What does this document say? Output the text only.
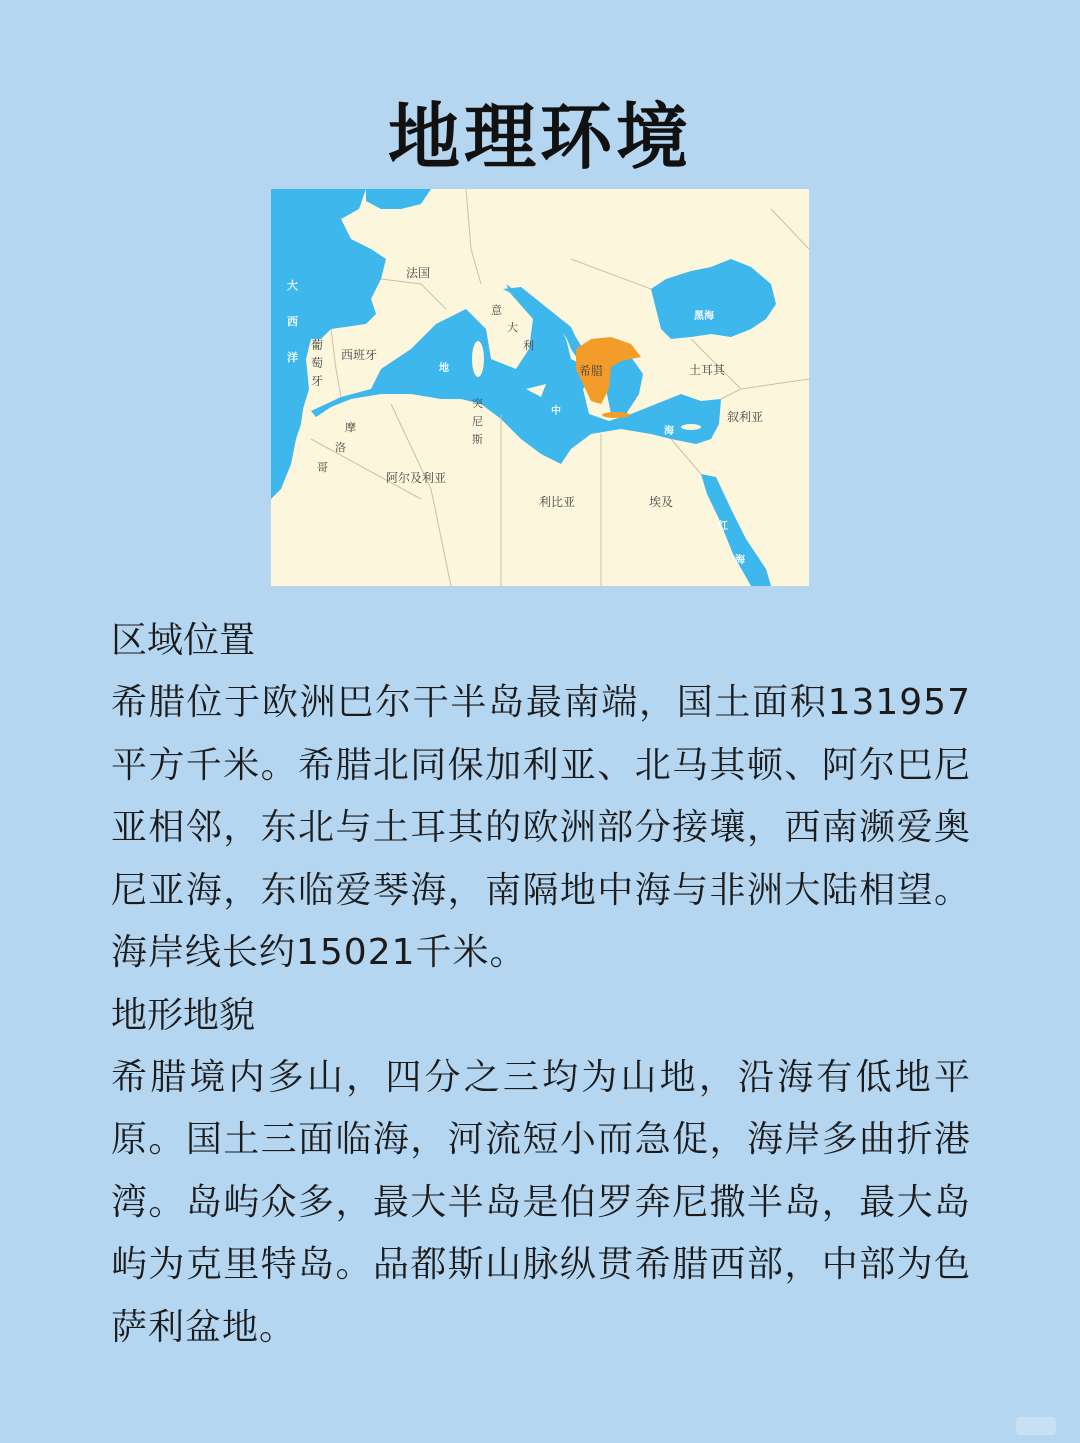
地理环境
法国
大
西
洋
葡
萄
牙
西班牙
意
大
利
希腊
黑海
土耳其
叙利亚
摩
洛
哥
突
尼
斯
阿尔及利亚
利比亚	埃及
地
中
海
红
海
区域位置

希腊位于欧洲巴尔干半岛最南端，国土面积131957平方千米。希腊北同保加利亚、北马其顿、阿尔巴尼亚相邻，东北与土耳其的欧洲部分接壤，西南濒爱奥尼亚海，东临爱琴海，南隔地中海与非洲大陆相望。海岸线长约15021千米。

地形地貌

希腊境内多山，四分之三均为山地，沿海有低地平原。国土三面临海，河流短小而急促，海岸多曲折港湾。岛屿众多，最大半岛是伯罗奔尼撒半岛，最大岛屿为克里特岛。品都斯山脉纵贯希腊西部，中部为色萨利盆地。
